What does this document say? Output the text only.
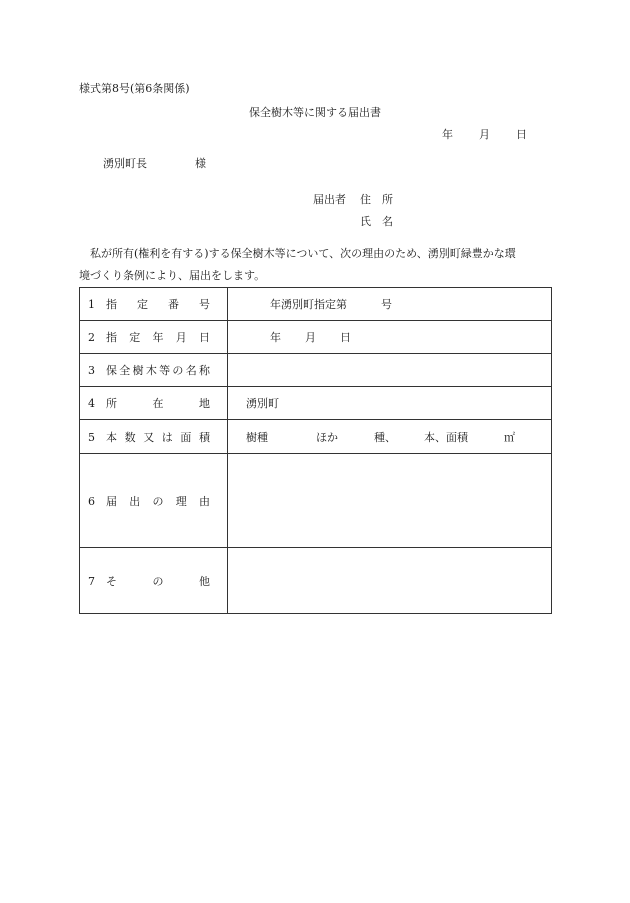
様式第8号(第6条関係)
保全樹木等に関する届出書
年 月 日
湧別町長	様
届出者 住　所
氏　名

私が所有(権利を有する)する保全樹木等について、次の理由のため、湧別町緑豊かな環

境づくり条例により、届出をします。

1 指定番号	年湧別町指定第 号
2 指定年月日	年 月 日
3 保全樹木等の名称	
4 所在地	湧別町
5 本数又は面積	樹種 ほか 種、 本、面積 ㎡
6 届出の理由	
7 その他	
